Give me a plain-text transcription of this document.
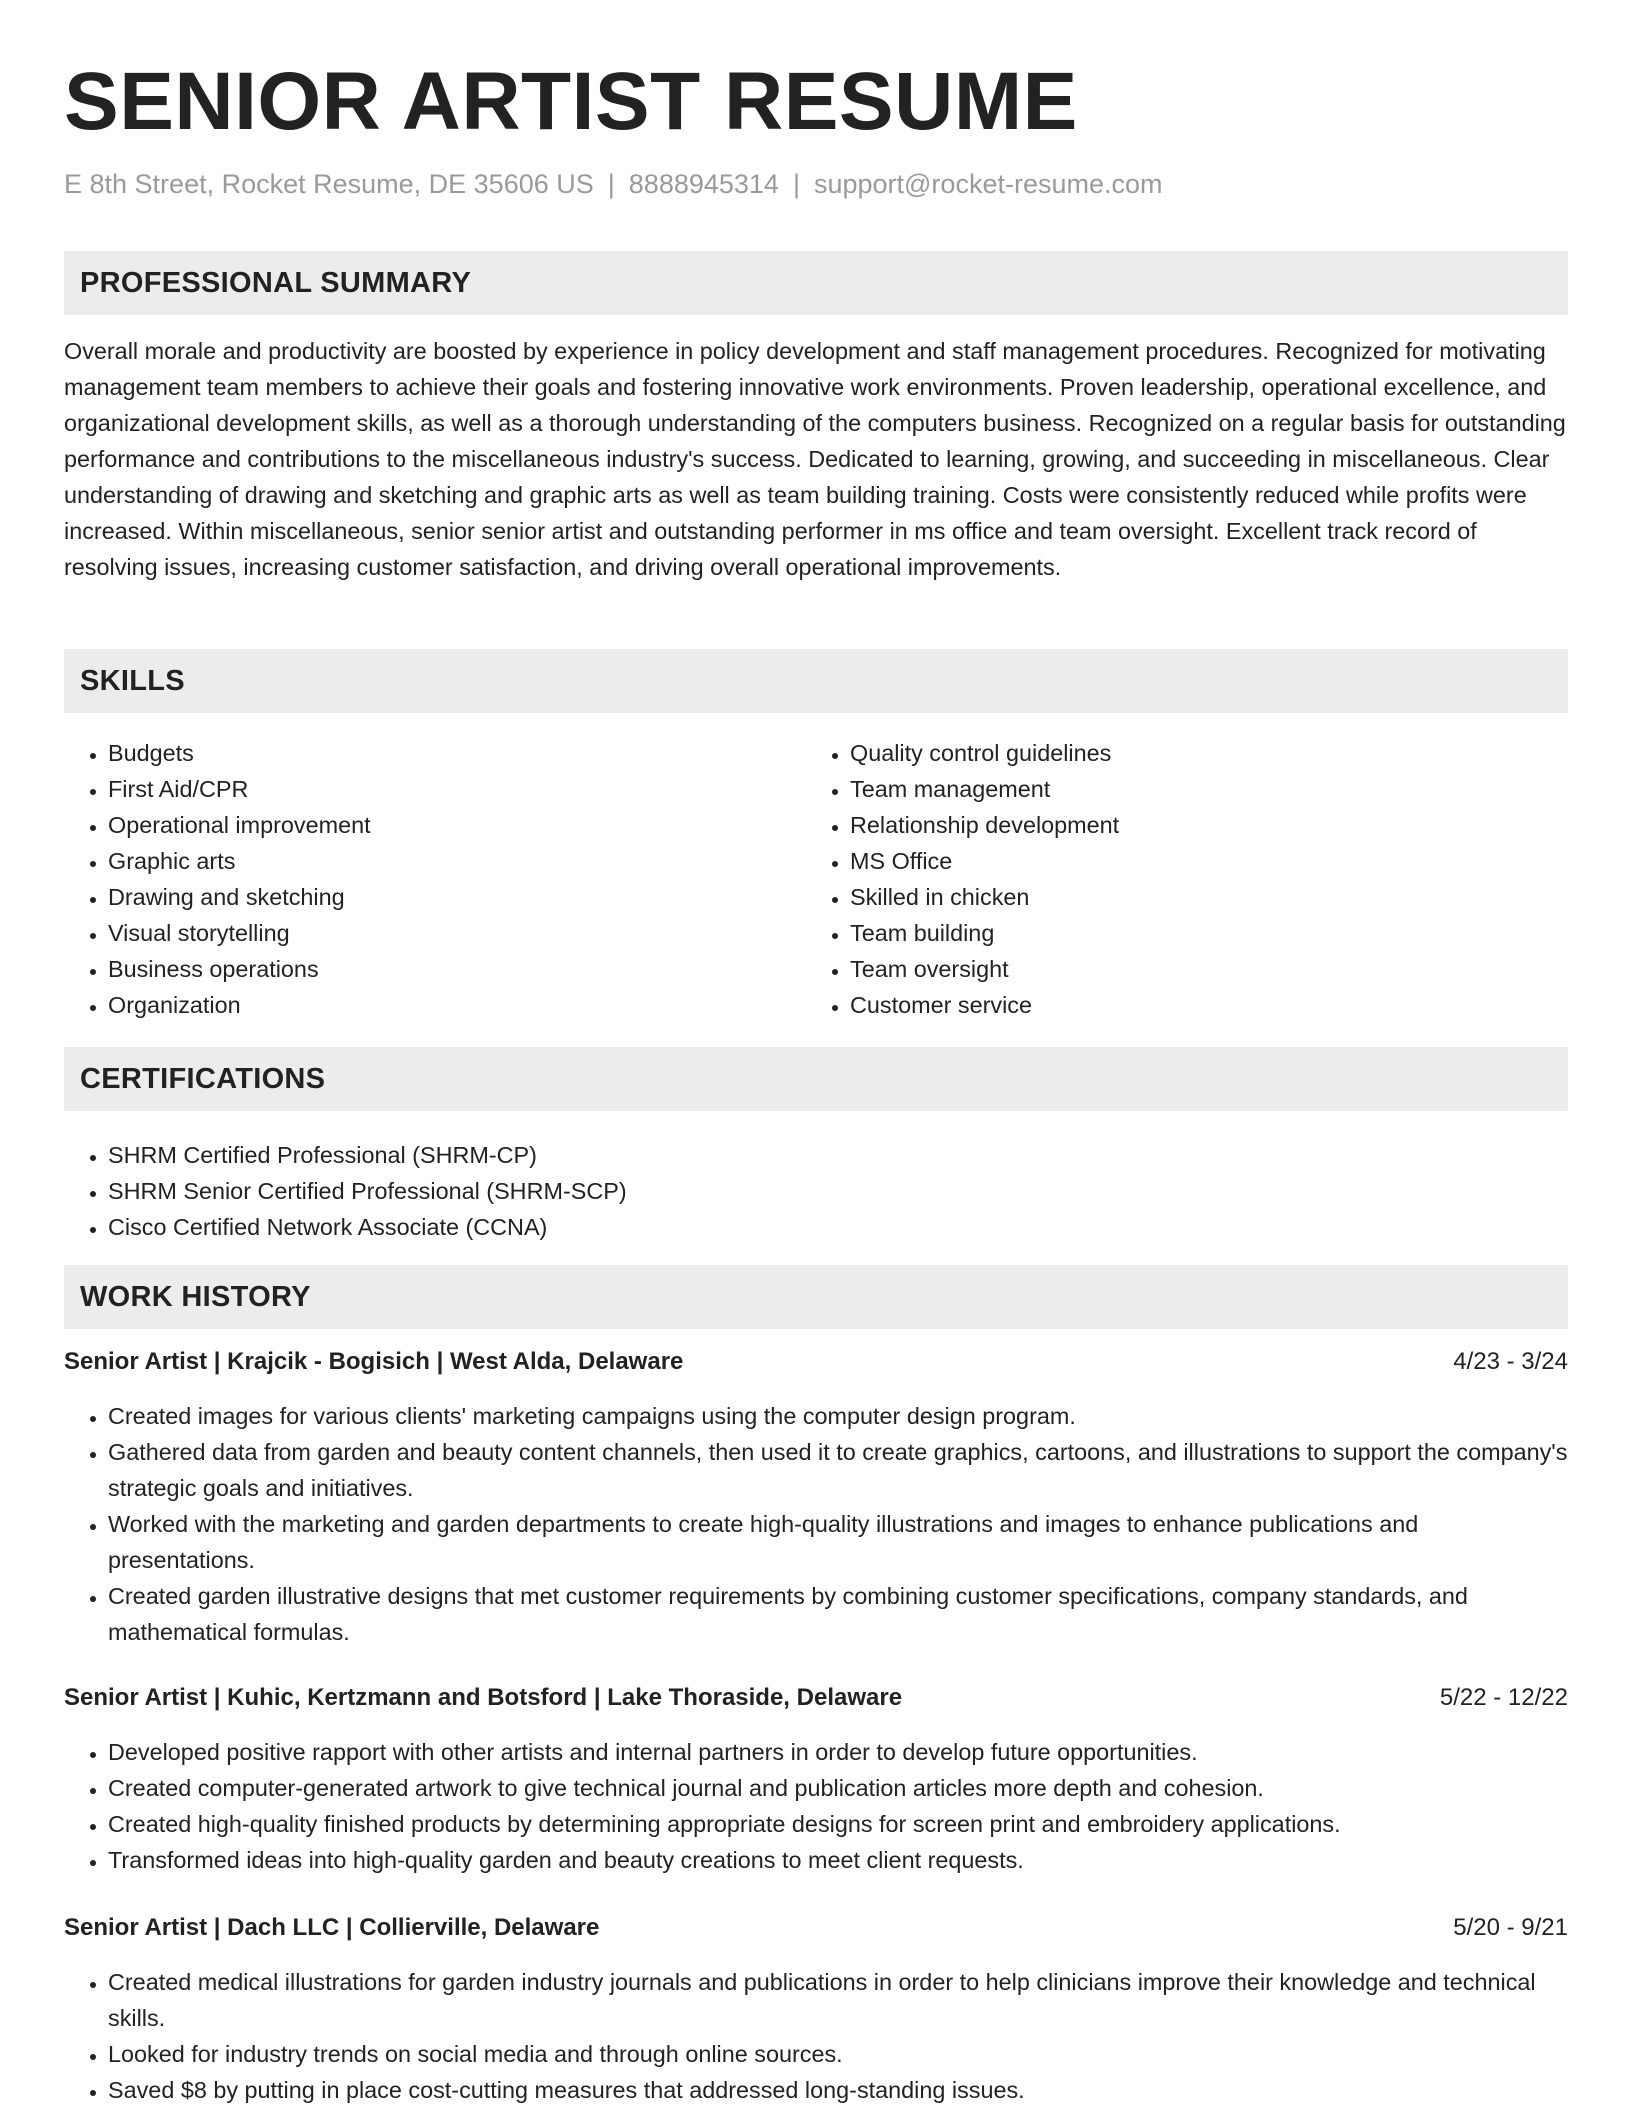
SENIOR ARTIST RESUME
E 8th Street, Rocket Resume, DE 35606 US | 8888945314 | support@rocket-resume.com
PROFESSIONAL SUMMARY

Overall morale and productivity are boosted by experience in policy development and staff management procedures. Recognized for motivating management team members to achieve their goals and fostering innovative work environments. Proven leadership, operational excellence, and organizational development skills, as well as a thorough understanding of the computers business. Recognized on a regular basis for outstanding performance and contributions to the miscellaneous industry's success. Dedicated to learning, growing, and succeeding in miscellaneous. Clear understanding of drawing and sketching and graphic arts as well as team building training. Costs were consistently reduced while profits were increased. Within miscellaneous, senior senior artist and outstanding performer in ms office and team oversight. Excellent track record of resolving issues, increasing customer satisfaction, and driving overall operational improvements.

SKILLS
• Budgets
• First Aid/CPR
• Operational improvement
• Graphic arts
• Drawing and sketching
• Visual storytelling
• Business operations
• Organization
• Quality control guidelines
• Team management
• Relationship development
• MS Office
• Skilled in chicken
• Team building
• Team oversight
• Customer service
CERTIFICATIONS
• SHRM Certified Professional (SHRM-CP)
• SHRM Senior Certified Professional (SHRM-SCP)
• Cisco Certified Network Associate (CCNA)
WORK HISTORY
Senior Artist | Krajcik - Bogisich | West Alda, Delaware	4/23 - 3/24
• Created images for various clients' marketing campaigns using the computer design program.
• Gathered data from garden and beauty content channels, then used it to create graphics, cartoons, and illustrations to support the company's strategic goals and initiatives.
• Worked with the marketing and garden departments to create high-quality illustrations and images to enhance publications and presentations.
• Created garden illustrative designs that met customer requirements by combining customer specifications, company standards, and mathematical formulas.
Senior Artist | Kuhic, Kertzmann and Botsford | Lake Thoraside, Delaware	5/22 - 12/22
• Developed positive rapport with other artists and internal partners in order to develop future opportunities.
• Created computer-generated artwork to give technical journal and publication articles more depth and cohesion.
• Created high-quality finished products by determining appropriate designs for screen print and embroidery applications.
• Transformed ideas into high-quality garden and beauty creations to meet client requests.
Senior Artist | Dach LLC | Collierville, Delaware	5/20 - 9/21
• Created medical illustrations for garden industry journals and publications in order to help clinicians improve their knowledge and technical skills.
• Looked for industry trends on social media and through online sources.
• Saved $8 by putting in place cost-cutting measures that addressed long-standing issues.
